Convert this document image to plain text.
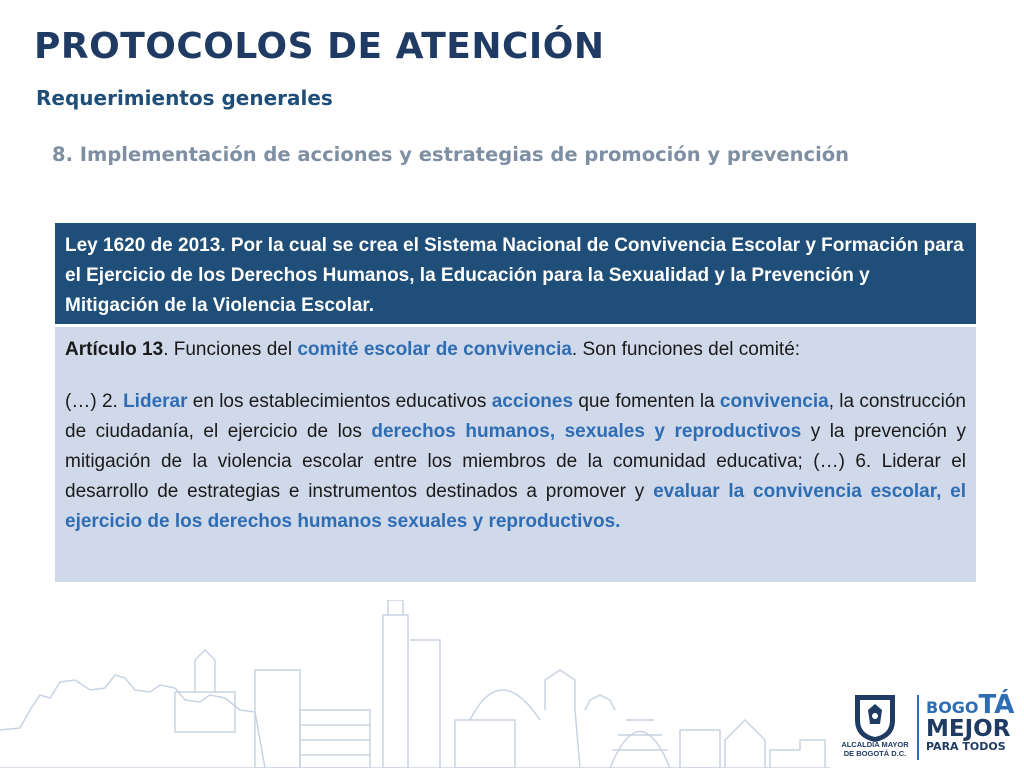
PROTOCOLOS DE ATENCIÓN
Requerimientos generales
8. Implementación de acciones y estrategias de promoción y prevención
Ley 1620 de 2013. Por la cual se crea el Sistema Nacional de Convivencia Escolar y Formación para el Ejercicio de los Derechos Humanos, la Educación para la Sexualidad y la Prevención y Mitigación de la Violencia Escolar.

Artículo 13. Funciones del comité escolar de convivencia. Son funciones del comité:

(…) 2. Liderar en los establecimientos educativos acciones que fomenten la convivencia, la construcción de ciudadanía, el ejercicio de los derechos humanos, sexuales y reproductivos y la prevención y mitigación de la violencia escolar entre los miembros de la comunidad educativa; (…) 6. Liderar el desarrollo de estrategias e instrumentos destinados a promover y evaluar la convivencia escolar, el ejercicio de los derechos humanos sexuales y reproductivos.

ALCALDÍA MAYOR
DE BOGOTÁ D.C.
BOGOTÁ
MEJOR
PARA TODOS
